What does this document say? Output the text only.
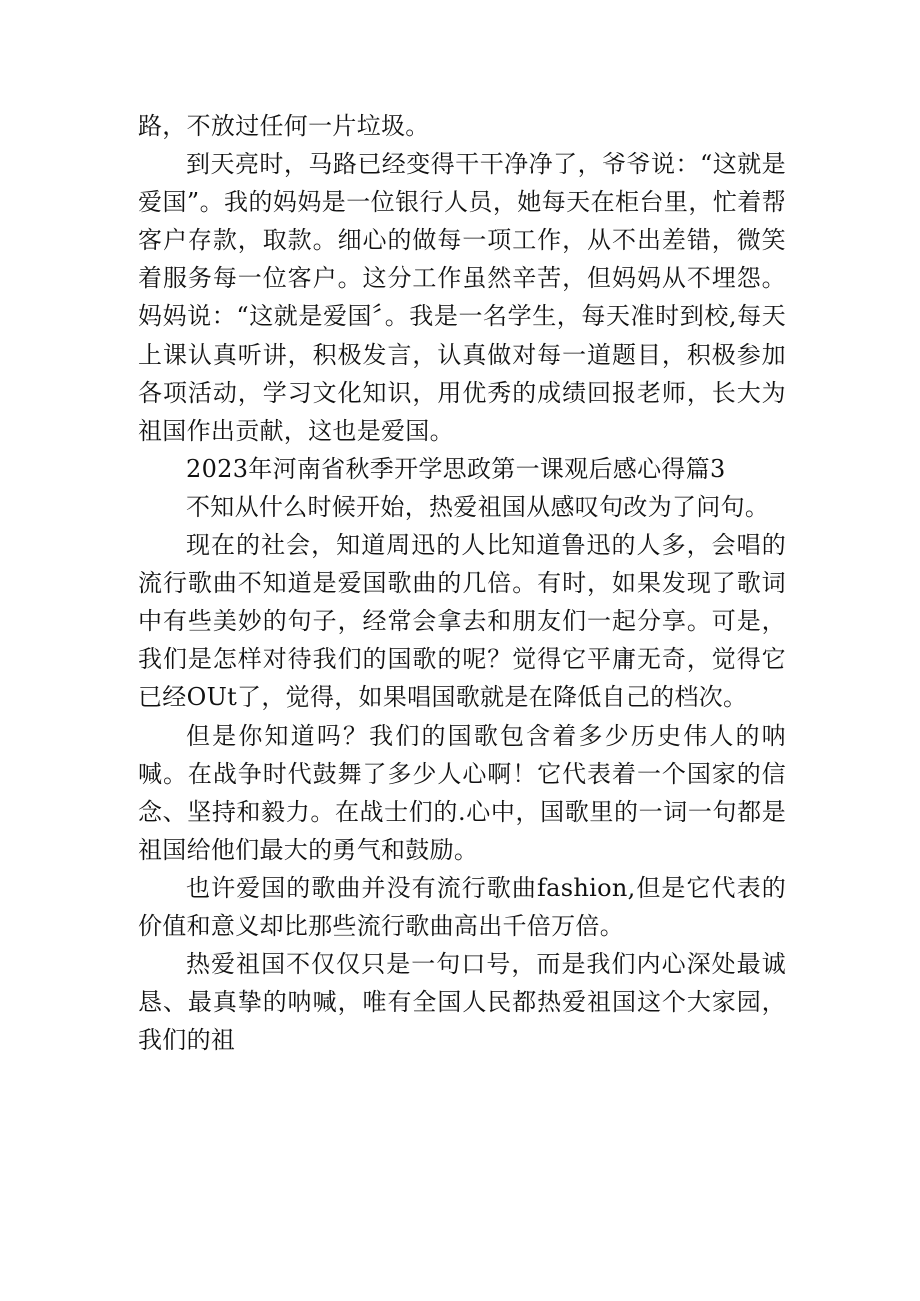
路，不放过任何一片垃圾。

到天亮时，马路已经变得干干净净了，爷爷说：“这就是爱国”。我的妈妈是一位银行人员，她每天在柜台里，忙着帮客户存款，取款。细心的做每一项工作，从不出差错，微笑着服务每一位客户。这分工作虽然辛苦，但妈妈从不埋怨。妈妈说：“这就是爱国〞。我是一名学生，每天准时到校,每天上课认真听讲，积极发言，认真做对每一道题目，积极参加各项活动，学习文化知识，用优秀的成绩回报老师，长大为祖国作出贡献，这也是爱国。

2023年河南省秋季开学思政第一课观后感心得篇3

不知从什么时候开始，热爱祖国从感叹句改为了问句。

现在的社会，知道周迅的人比知道鲁迅的人多，会唱的流行歌曲不知道是爱国歌曲的几倍。有时，如果发现了歌词中有些美妙的句子，经常会拿去和朋友们一起分享。可是，我们是怎样对待我们的国歌的呢？觉得它平庸无奇，觉得它已经OUt了，觉得，如果唱国歌就是在降低自己的档次。

但是你知道吗？我们的国歌包含着多少历史伟人的呐喊。在战争时代鼓舞了多少人心啊！它代表着一个国家的信念、坚持和毅力。在战士们的.心中，国歌里的一词一句都是祖国给他们最大的勇气和鼓励。

也许爱国的歌曲并没有流行歌曲fashion,但是它代表的价值和意义却比那些流行歌曲高出千倍万倍。

热爱祖国不仅仅只是一句口号，而是我们内心深处最诚恳、最真挚的呐喊，唯有全国人民都热爱祖国这个大家园，我们的祖
